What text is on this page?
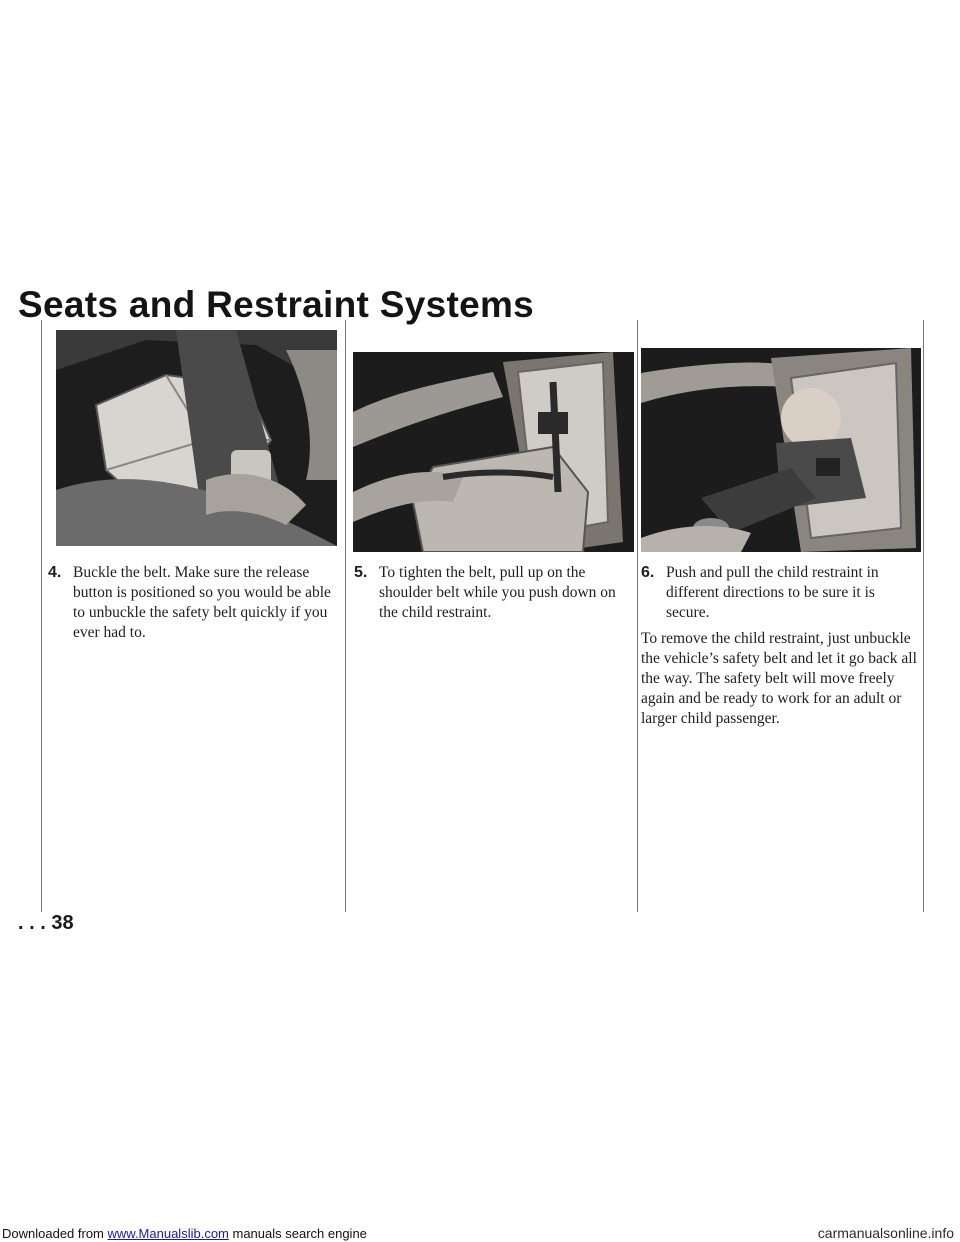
Seats and Restraint Systems
4. Buckle the belt. Make sure the release button is positioned so you would be able to unbuckle the safety belt quickly if you ever had to.
5. To tighten the belt, pull up on the shoulder belt while you push down on the child restraint.
6. Push and pull the child restraint in different directions to be sure it is secure.
To remove the child restraint, just unbuckle the vehicle’s safety belt and let it go back all the way. The safety belt will move freely again and be ready to work for an adult or larger child passenger.
. . . 38
Downloaded from www.Manualslib.com manuals search engine	carmanualsonline.info
